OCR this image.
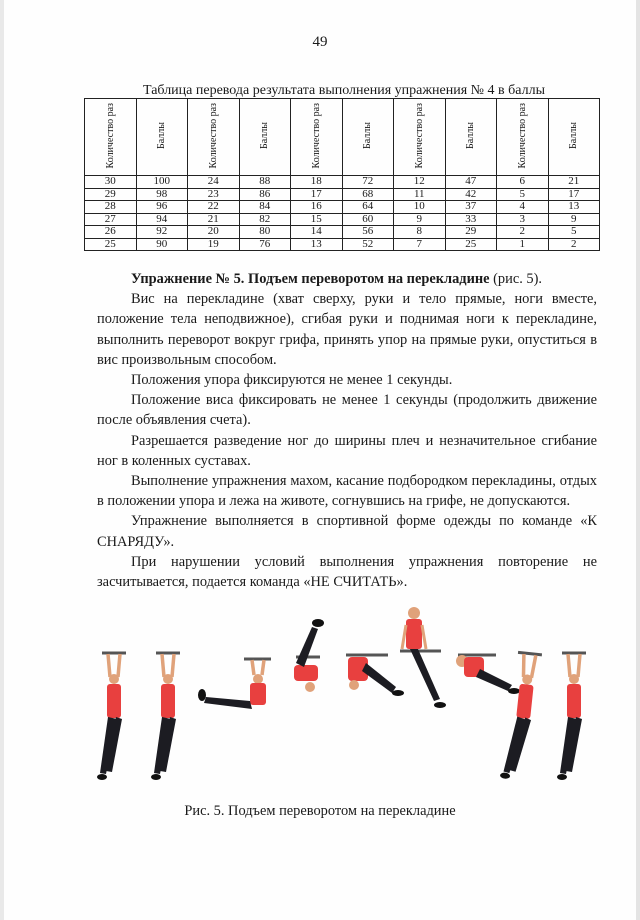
49
Таблица перевода результата выполнения упражнения № 4 в баллы
Количество раз	Баллы	Количество раз	Баллы	Количество раз	Баллы	Количество раз	Баллы	Количество раз	Баллы
30	100	24	88	18	72	12	47	6	21
29	98	23	86	17	68	11	42	5	17
28	96	22	84	16	64	10	37	4	13
27	94	21	82	15	60	9	33	3	9
26	92	20	80	14	56	8	29	2	5
25	90	19	76	13	52	7	25	1	2

Упражнение № 5. Подъем переворотом на перекладине (рис. 5).

Вис на перекладине (хват сверху, руки и тело прямые, ноги вместе, положение тела неподвижное), сгибая руки и поднимая ноги к перекладине, выполнить переворот вокруг грифа, принять упор на прямые руки, опуститься в вис произвольным способом.

Положения упора фиксируются не менее 1 секунды.

Положение виса фиксировать не менее 1 секунды (продолжить движение после объявления счета).

Разрешается разведение ног до ширины плеч и незначительное сгибание ног в коленных суставах.

Выполнение упражнения махом, касание подбородком перекладины, отдых в положении упора и лежа на животе, согнувшись на грифе, не допускаются.

Упражнение выполняется в спортивной форме одежды по команде «К СНАРЯДУ».

При нарушении условий выполнения упражнения повторение не засчитывается, подается команда «НЕ СЧИТАТЬ».

Рис. 5. Подъем переворотом на перекладине
